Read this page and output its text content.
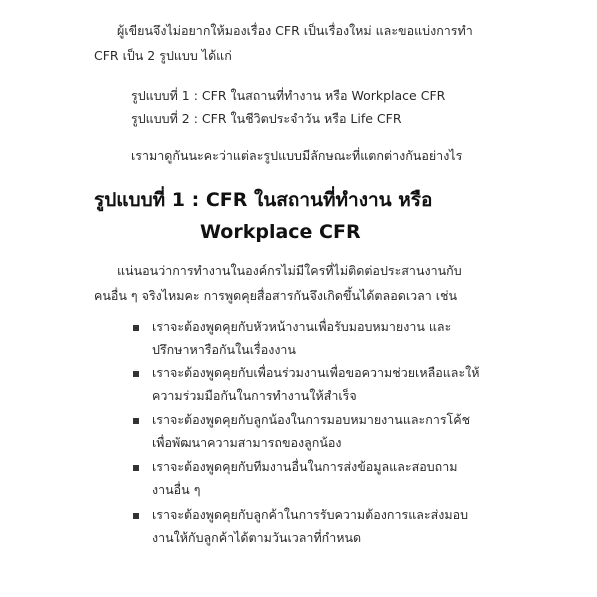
ผู้เขียนจึงไม่อยากให้มองเรื่อง CFR เป็นเรื่องใหม่ และขอแบ่งการทำ
CFR เป็น 2 รูปแบบ ได้แก่
รูปแบบที่ 1 : CFR ในสถานที่ทำงาน หรือ Workplace CFR
รูปแบบที่ 2 : CFR ในชีวิตประจำวัน หรือ Life CFR
เรามาดูกันนะคะว่าแต่ละรูปแบบมีลักษณะที่แตกต่างกันอย่างไร
รูปแบบที่ 1 : CFR ในสถานที่ทำงาน หรือ
Workplace CFR
แน่นอนว่าการทำงานในองค์กรไม่มีใครที่ไม่ติดต่อประสานงานกับ
คนอื่น ๆ จริงไหมคะ การพูดคุยสื่อสารกันจึงเกิดขึ้นได้ตลอดเวลา เช่น
เราจะต้องพูดคุยกับหัวหน้างานเพื่อรับมอบหมายงาน และ
ปรึกษาหารือกันในเรื่องงาน
เราจะต้องพูดคุยกับเพื่อนร่วมงานเพื่อขอความช่วยเหลือและให้
ความร่วมมือกันในการทำงานให้สำเร็จ
เราจะต้องพูดคุยกับลูกน้องในการมอบหมายงานและการโค้ช
เพื่อพัฒนาความสามารถของลูกน้อง
เราจะต้องพูดคุยกับทีมงานอื่นในการส่งข้อมูลและสอบถาม
งานอื่น ๆ
เราจะต้องพูดคุยกับลูกค้าในการรับความต้องการและส่งมอบ
งานให้กับลูกค้าได้ตามวันเวลาที่กำหนด
